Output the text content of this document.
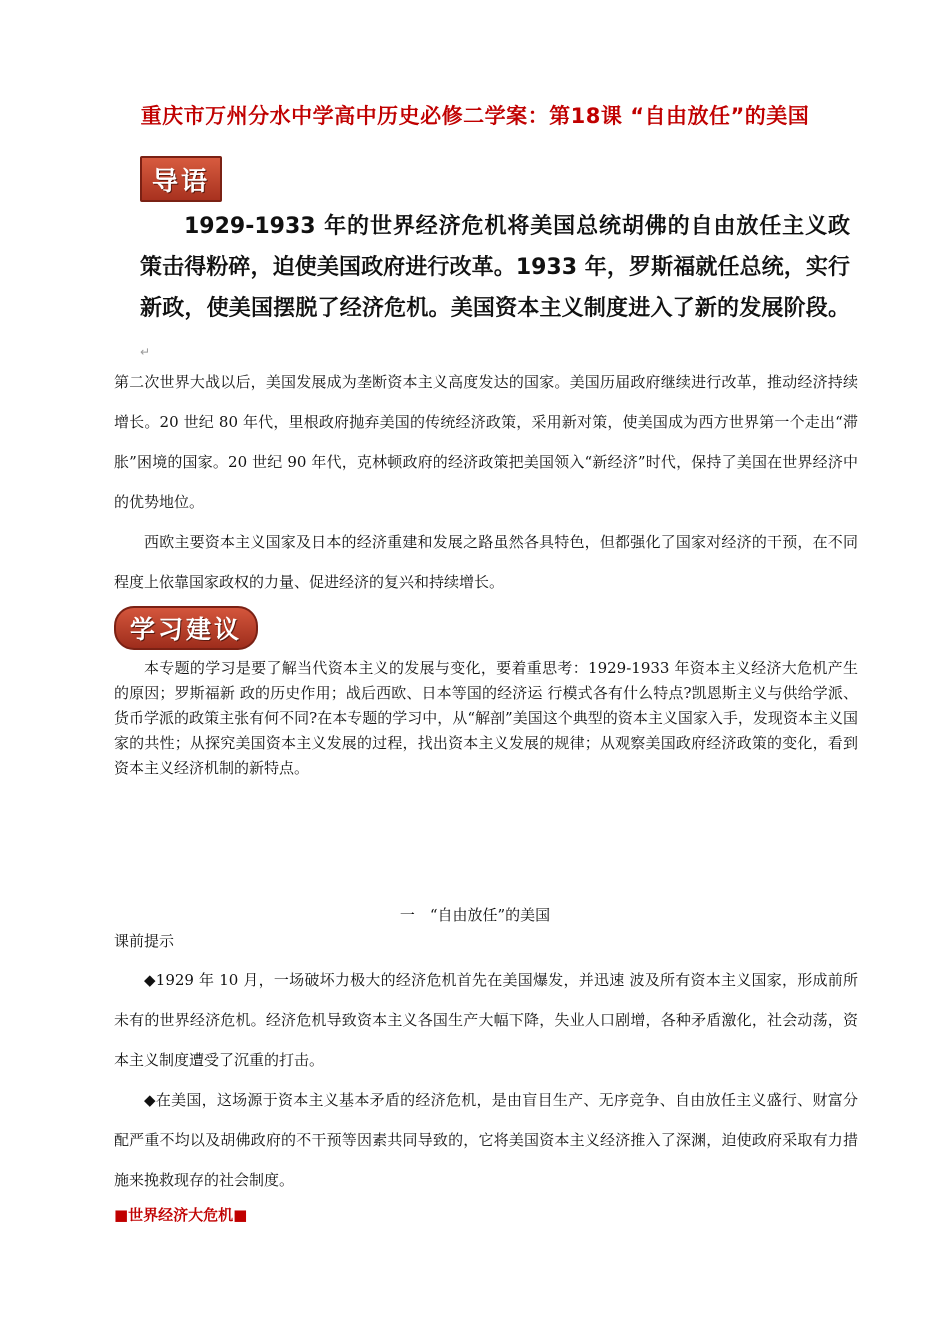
重庆市万州分水中学高中历史必修二学案：第18课 “自由放任”的美国
导语
1929-1933 年的世界经济危机将美国总统胡佛的自由放任主义政策击得粉碎，迫使美国政府进行改革。1933 年，罗斯福就任总统，实行新政，使美国摆脱了经济危机。美国资本主义制度进入了新的发展阶段。↵
第二次世界大战以后，美国发展成为垄断资本主义高度发达的国家。美国历届政府继续进行改革，推动经济持续增长。20 世纪 80 年代，里根政府抛弃美国的传统经济政策，采用新对策，使美国成为西方世界第一个走出“滞胀”困境的国家。20 世纪 90 年代，克林顿政府的经济政策把美国领入“新经济”时代，保持了美国在世界经济中的优势地位。
西欧主要资本主义国家及日本的经济重建和发展之路虽然各具特色，但都强化了国家对经济的干预，在不同程度上依靠国家政权的力量、促进经济的复兴和持续增长。
学习建议
本专题的学习是要了解当代资本主义的发展与变化，要着重思考：1929-1933 年资本主义经济大危机产生的原因；罗斯福新 政的历史作用；战后西欧、日本等国的经济运 行模式各有什么特点?凯恩斯主义与供给学派、货币学派的政策主张有何不同?在本专题的学习中，从“解剖”美国这个典型的资本主义国家入手，发现资本主义国家的共性；从探究美国资本主义发展的过程，找出资本主义发展的规律；从观察美国政府经济政策的变化，看到资本主义经济机制的新特点。
一　“自由放任”的美国
课前提示
◆1929 年 10 月，一场破坏力极大的经济危机首先在美国爆发，并迅速 波及所有资本主义国家，形成前所未有的世界经济危机。经济危机导致资本主义各国生产大幅下降，失业人口剧增，各种矛盾激化，社会动荡，资本主义制度遭受了沉重的打击。
◆在美国，这场源于资本主义基本矛盾的经济危机，是由盲目生产、无序竞争、自由放任主义盛行、财富分配严重不均以及胡佛政府的不干预等因素共同导致的，它将美国资本主义经济推入了深渊，迫使政府采取有力措施来挽救现存的社会制度。
■世界经济大危机■
